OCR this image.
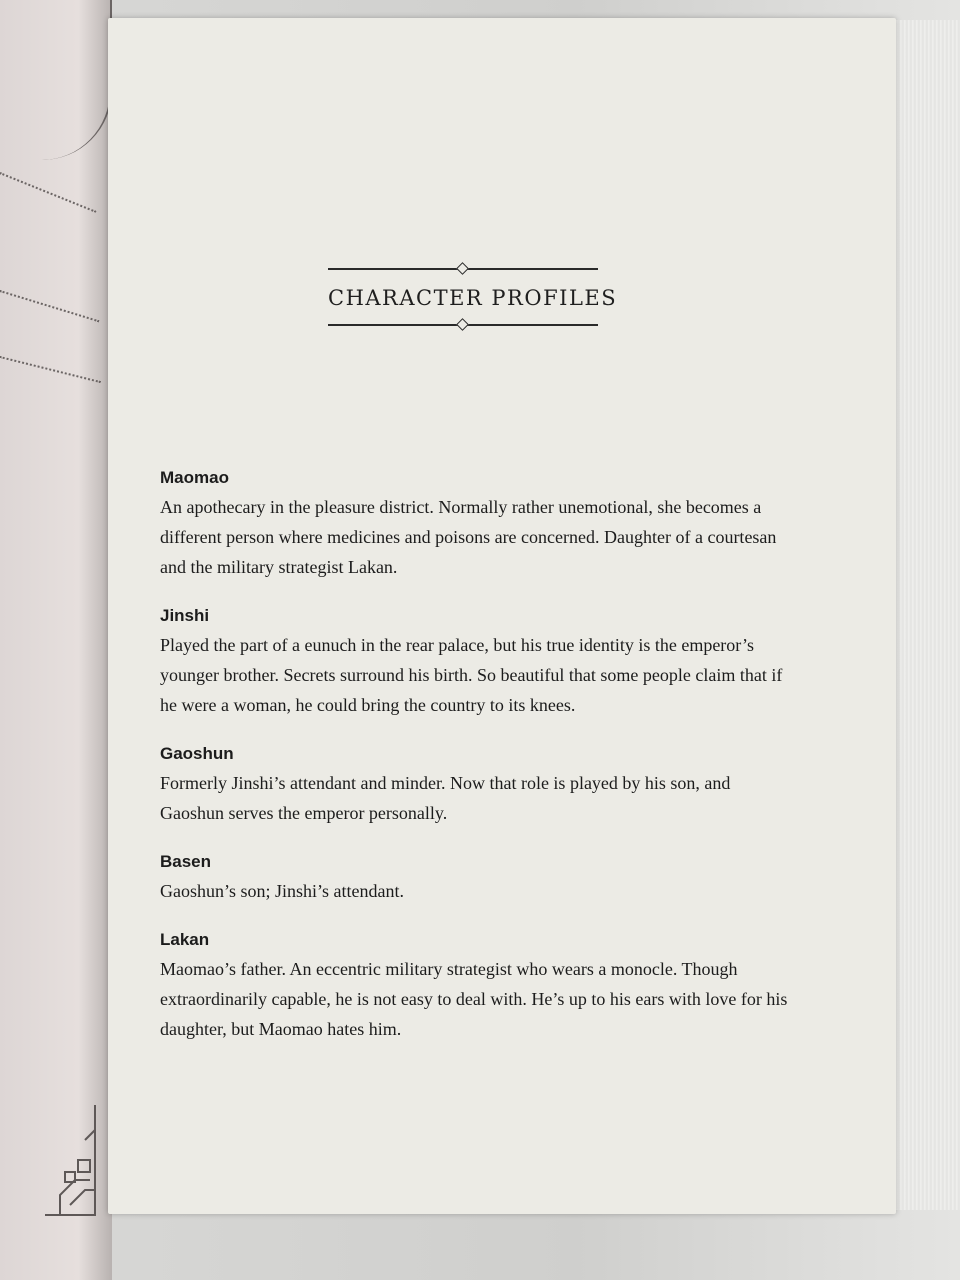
CHARACTER PROFILES
Maomao
An apothecary in the pleasure district. Normally rather unemotional, she becomes a different person where medicines and poisons are concerned. Daughter of a courtesan and the military strategist Lakan.
Jinshi
Played the part of a eunuch in the rear palace, but his true identity is the emperor’s younger brother. Secrets surround his birth. So beautiful that some people claim that if he were a woman, he could bring the country to its knees.
Gaoshun
Formerly Jinshi’s attendant and minder. Now that role is played by his son, and Gaoshun serves the emperor personally.
Basen
Gaoshun’s son; Jinshi’s attendant.
Lakan
Maomao’s father. An eccentric military strategist who wears a monocle. Though extraordinarily capable, he is not easy to deal with. He’s up to his ears with love for his daughter, but Maomao hates him.
